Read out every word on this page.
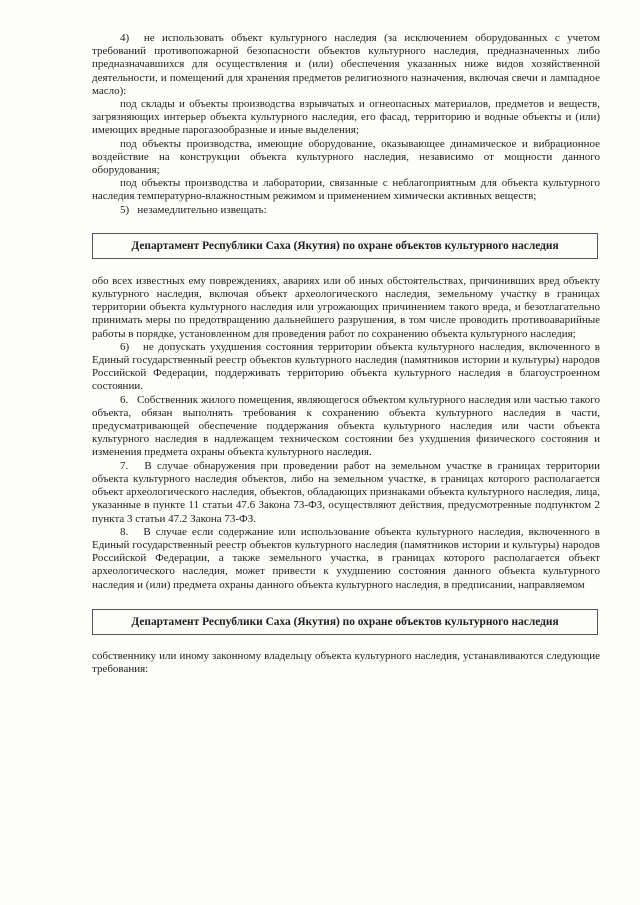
4)  не использовать объект культурного наследия (за исключением оборудованных с учетом требований противопожарной безопасности объектов культурного наследия, предназначенных либо предназначавшихся для осуществления и (или) обеспечения указанных ниже видов хозяйственной деятельности, и помещений для хранения предметов религиозного назначения, включая свечи и лампадное масло):

под склады и объекты производства взрывчатых и огнеопасных материалов, предметов и веществ, загрязняющих интерьер объекта культурного наследия, его фасад, территорию и водные объекты и (или) имеющих вредные парогазообразные и иные выделения;

под объекты производства, имеющие оборудование, оказывающее динамическое и вибрационное воздействие на конструкции объекта культурного наследия, независимо от мощности данного оборудования;

под объекты производства и лаборатории, связанные с неблагоприятным для объекта культурного наследия температурно-влажностным режимом и применением химически активных веществ;

5)   незамедлительно извещать:

Департамент Республики Саха (Якутия) по охране объектов культурного наследия

обо всех известных ему повреждениях, авариях или об иных обстоятельствах, причинивших вред объекту культурного наследия, включая объект археологического наследия, земельному участку в границах территории объекта культурного наследия или угрожающих причинением такого вреда, и безотлагательно принимать меры по предотвращению дальнейшего разрушения, в том числе проводить противоаварийные работы в порядке, установленном для проведения работ по сохранению объекта культурного наследия;

6)   не допускать ухудшения состояния территории объекта культурного наследия, включенного в Единый государственный реестр объектов культурного наследия (памятников истории и культуры) народов Российской Федерации, поддерживать территорию объекта культурного наследия в благоустроенном состоянии.

6.   Собственник жилого помещения, являющегося объектом культурного наследия или частью такого объекта, обязан выполнять требования к сохранению объекта культурного наследия в части, предусматривающей обеспечение поддержания объекта культурного наследия или части объекта культурного наследия в надлежащем техническом состоянии без ухудшения физического состояния и изменения предмета охраны объекта культурного наследия.

7.   В случае обнаружения при проведении работ на земельном участке в границах территории объекта культурного наследия объектов, либо на земельном участке, в границах которого располагается объект археологического наследия, объектов, обладающих признаками объекта культурного наследия, лица, указанные в пункте 11 статьи 47.6 Закона 73-ФЗ, осуществляют действия, предусмотренные подпунктом 2 пункта 3 статьи 47.2 Закона 73-ФЗ.

8.   В случае если содержание или использование объекта культурного наследия, включенного в Единый государственный реестр объектов культурного наследия (памятников истории и культуры) народов Российской Федерации, а также земельного участка, в границах которого располагается объект археологического наследия, может привести к ухудшению состояния данного объекта культурного наследия и (или) предмета охраны данного объекта культурного наследия, в предписании, направляемом

Департамент Республики Саха (Якутия) по охране объектов культурного наследия

собственнику или иному законному владельцу объекта культурного наследия, устанавливаются следующие требования:
